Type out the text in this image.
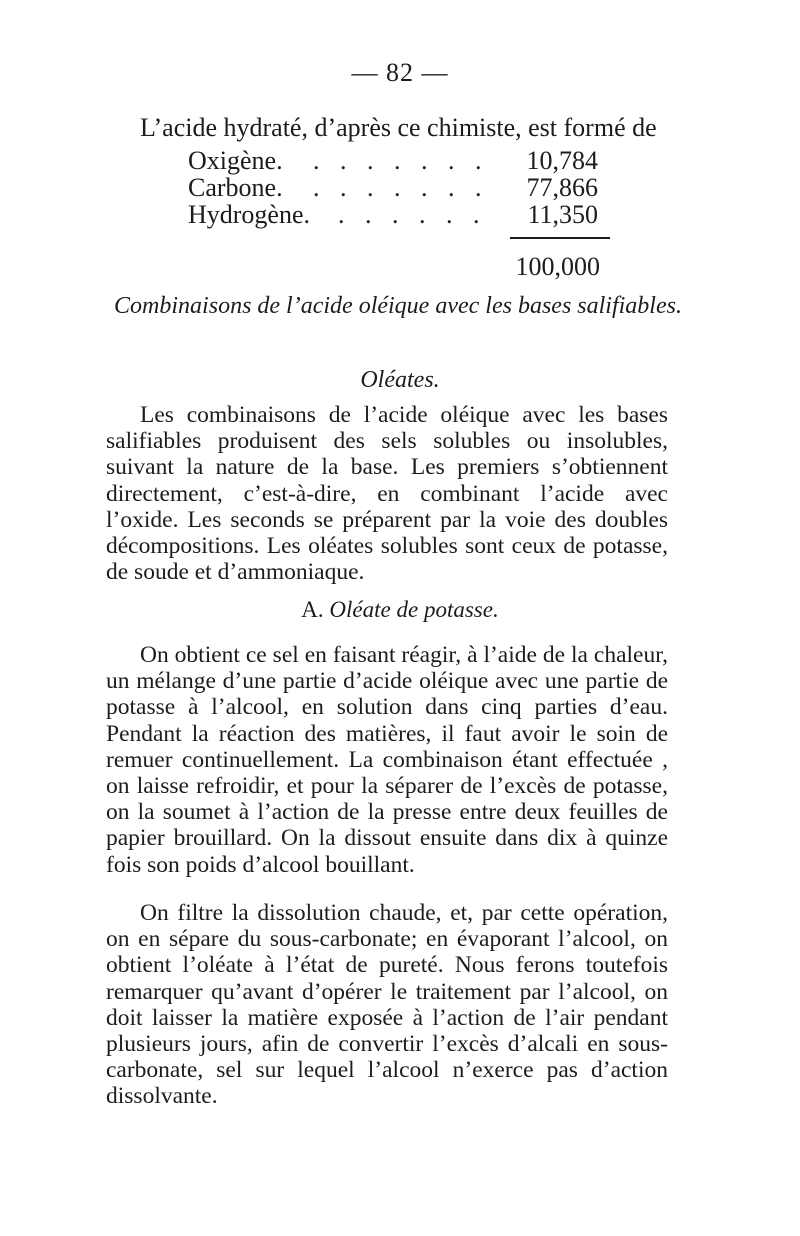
— 82 —
L’acide hydraté, d’après ce chimiste, est formé de
Oxigène. . . . . . . . 10,784
Carbone. . . . . . . . 77,866
Hydrogène. . . . . . . 11,350
100,000
Combinaisons de l’acide oléique avec les bases salifiables.
Oléates.
Les combinaisons de l’acide oléique avec les bases salifiables produisent des sels solubles ou insolubles, suivant la nature de la base. Les premiers s’obtiennent directement, c’est-à-dire, en combinant l’acide avec l’oxide. Les seconds se préparent par la voie des doubles décompositions. Les oléates solubles sont ceux de potasse, de soude et d’ammoniaque.
A. Oléate de potasse.
On obtient ce sel en faisant réagir, à l’aide de la chaleur, un mélange d’une partie d’acide oléique avec une partie de potasse à l’alcool, en solution dans cinq parties d’eau. Pendant la réaction des matières, il faut avoir le soin de remuer continuellement. La combinaison étant effectuée , on laisse refroidir, et pour la séparer de l’excès de potasse, on la soumet à l’action de la presse entre deux feuilles de papier brouillard. On la dissout ensuite dans dix à quinze fois son poids d’alcool bouillant.
On filtre la dissolution chaude, et, par cette opération, on en sépare du sous-carbonate; en évaporant l’alcool, on obtient l’oléate à l’état de pureté. Nous ferons toutefois remarquer qu’avant d’opérer le traitement par l’alcool, on doit laisser la matière exposée à l’action de l’air pendant plusieurs jours, afin de convertir l’excès d’alcali en sous-carbonate, sel sur lequel l’alcool n’exerce pas d’action dissolvante.
